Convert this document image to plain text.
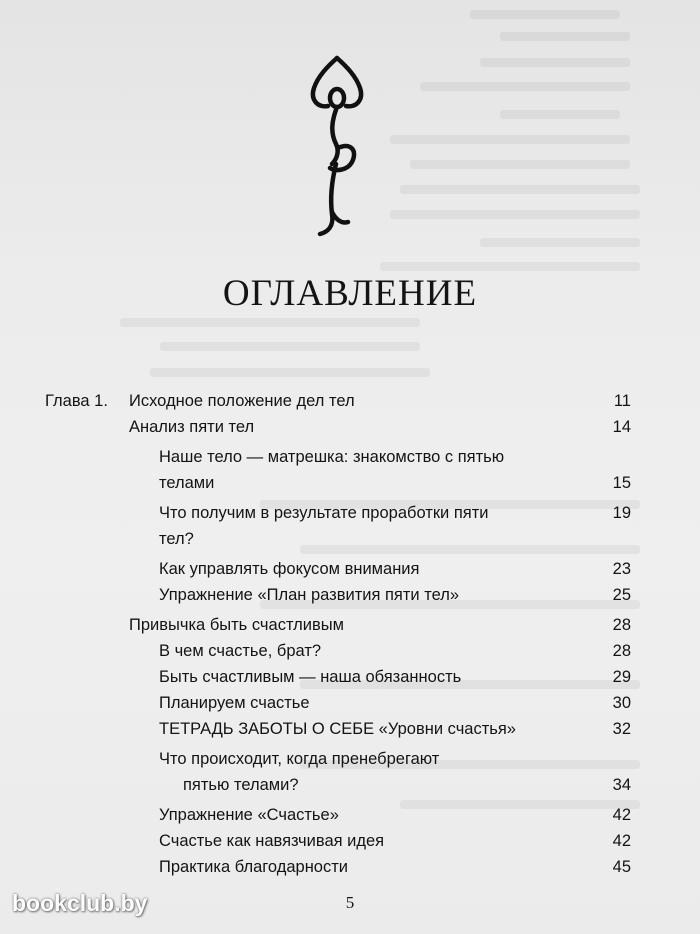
ОГЛАВЛЕНИЕ
Глава 1. Исходное положение дел тел	11
Анализ пяти тел	14
Наше тело — матрешка: знакомство с пятью
телами	15
Что получим в результате проработки пяти	19
тел?
Как управлять фокусом внимания	23
Упражнение «План развития пяти тел»	25
Привычка быть счастливым	28
В чем счастье, брат?	28
Быть счастливым — наша обязанность	29
Планируем счастье	30
ТЕТРАДЬ ЗАБОТЫ О СЕБЕ «Уровни счастья»	32
Что происходит, когда пренебрегают
пятью телами?	34
Упражнение «Счастье»	42
Счастье как навязчивая идея	42
Практика благодарности	45
bookclub.by	5
